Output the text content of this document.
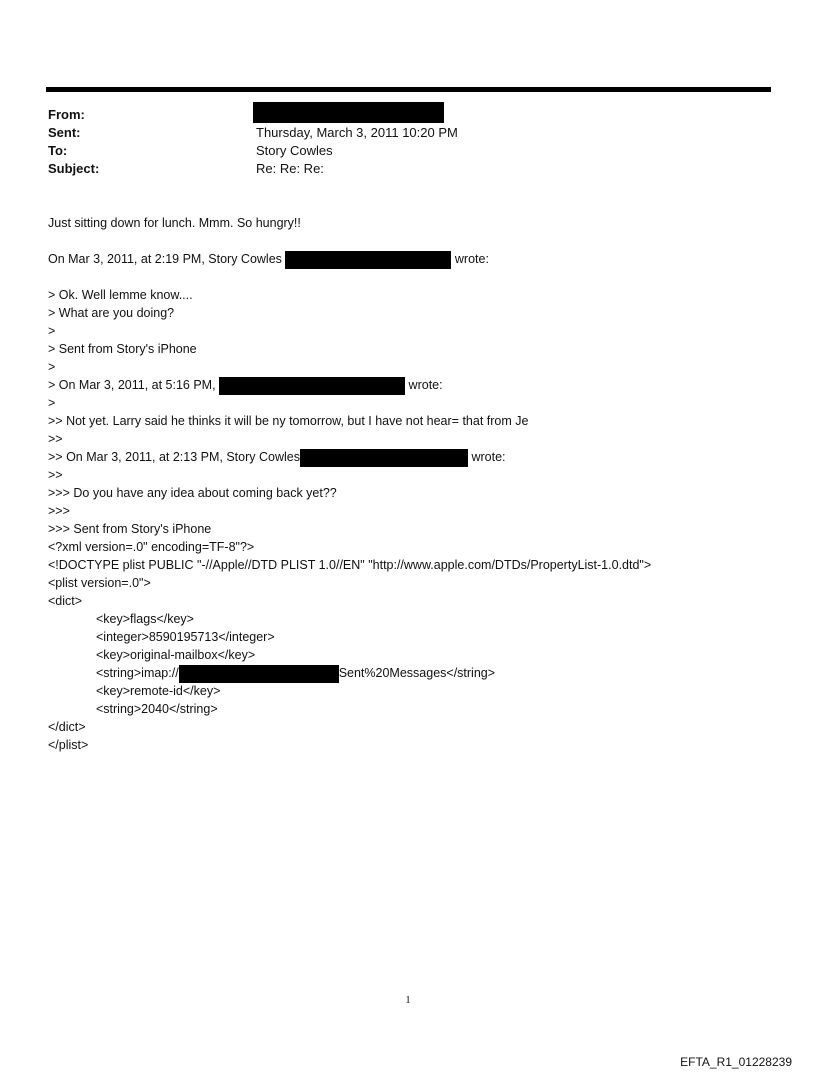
From:
Sent:	Thursday, March 3, 2011 10:20 PM
To:	Story Cowles
Subject:	Re: Re: Re:
Just sitting down for lunch. Mmm. So hungry!!
On Mar 3, 2011, at 2:19 PM, Story Cowles	wrote:
> Ok. Well lemme know....
> What are you doing?
>
> Sent from Story's iPhone
>
> On Mar 3, 2011, at 5:16 PM,	wrote:
>
>> Not yet. Larry said he thinks it will be ny tomorrow, but I have not hear= that from Je
>>
>> On Mar 3, 2011, at 2:13 PM, Story Cowles	wrote:
>>
>>> Do you have any idea about coming back yet??
>>>
>>> Sent from Story's iPhone
<?xml version=.0" encoding=TF-8"?>
<!DOCTYPE plist PUBLIC "-//Apple//DTD PLIST 1.0//EN" "http://www.apple.com/DTDs/PropertyList-1.0.dtd">
<plist version=.0">
<dict>
<key>flags</key>
<integer>8590195713</integer>
<key>original-mailbox</key>
<string>imap://	Sent%20Messages</string>
<key>remote-id</key>
<string>2040</string>
</dict>
</plist>
1
EFTA_R1_01228239
